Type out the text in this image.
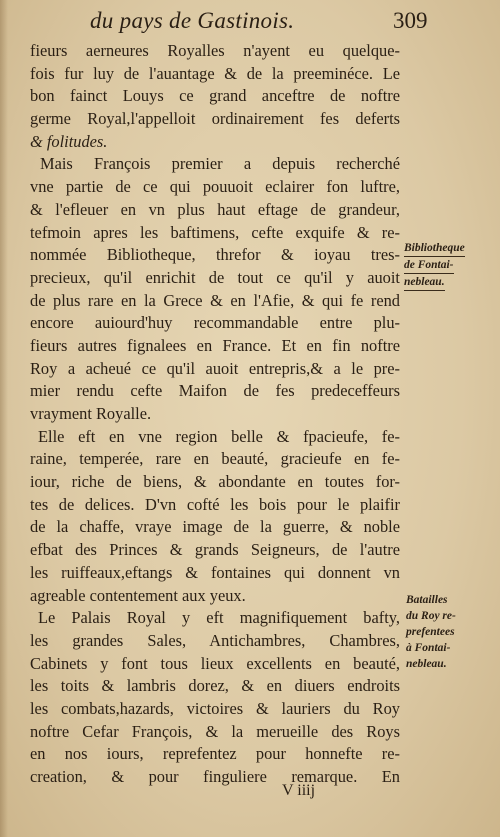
du pays de Gastinois.	309
fieurs aerneures Royalles n'ayent eu quelque-
fois fur luy de l'auantage & de la preeminéce. Le
bon fainct Louys ce grand anceftre de noftre
germe Royal,l'appelloit ordinairement fes deferts
& folitudes.
Mais François premier a depuis recherché
vne partie de ce qui pouuoit eclairer fon luftre,
& l'efleuer en vn plus haut eftage de grandeur,
tefmoin apres les baftimens, cefte exquife & re-
nommée Bibliotheque, threfor & ioyau tres-
precieux, qu'il enrichit de tout ce qu'il y auoit
de plus rare en la Grece & en l'Afie, & qui fe rend
encore auiourd'huy recommandable entre plu-
fieurs autres fignalees en France. Et en fin noftre
Roy a acheué ce qu'il auoit entrepris,& a le pre-
mier rendu cefte Maifon de fes predeceffeurs
vrayment Royalle.
Elle eft en vne region belle & fpacieufe, fe-
raine, temperée, rare en beauté, gracieufe en fe-
iour, riche de biens, & abondante en toutes for-
tes de delices. D'vn cofté les bois pour le plaifir
de la chaffe, vraye image de la guerre, & noble
efbat des Princes & grands Seigneurs, de l'autre
les ruiffeaux,eftangs & fontaines qui donnent vn
agreable contentement aux yeux.
Le Palais Royal y eft magnifiquement bafty,
les grandes Sales, Antichambres, Chambres,
Cabinets y font tous lieux excellents en beauté,
les toits & lambris dorez, & en diuers endroits
les combats,hazards, victoires & lauriers du Roy
noftre Cefar François, & la merueille des Roys
en nos iours, reprefentez pour honnefte re-
creation, & pour finguliere remarque. En
Bibliotheque
de Fontai-
nebleau.
Batailles
du Roy re-
prefentees
à Fontai-
nebleau.
V iiij
